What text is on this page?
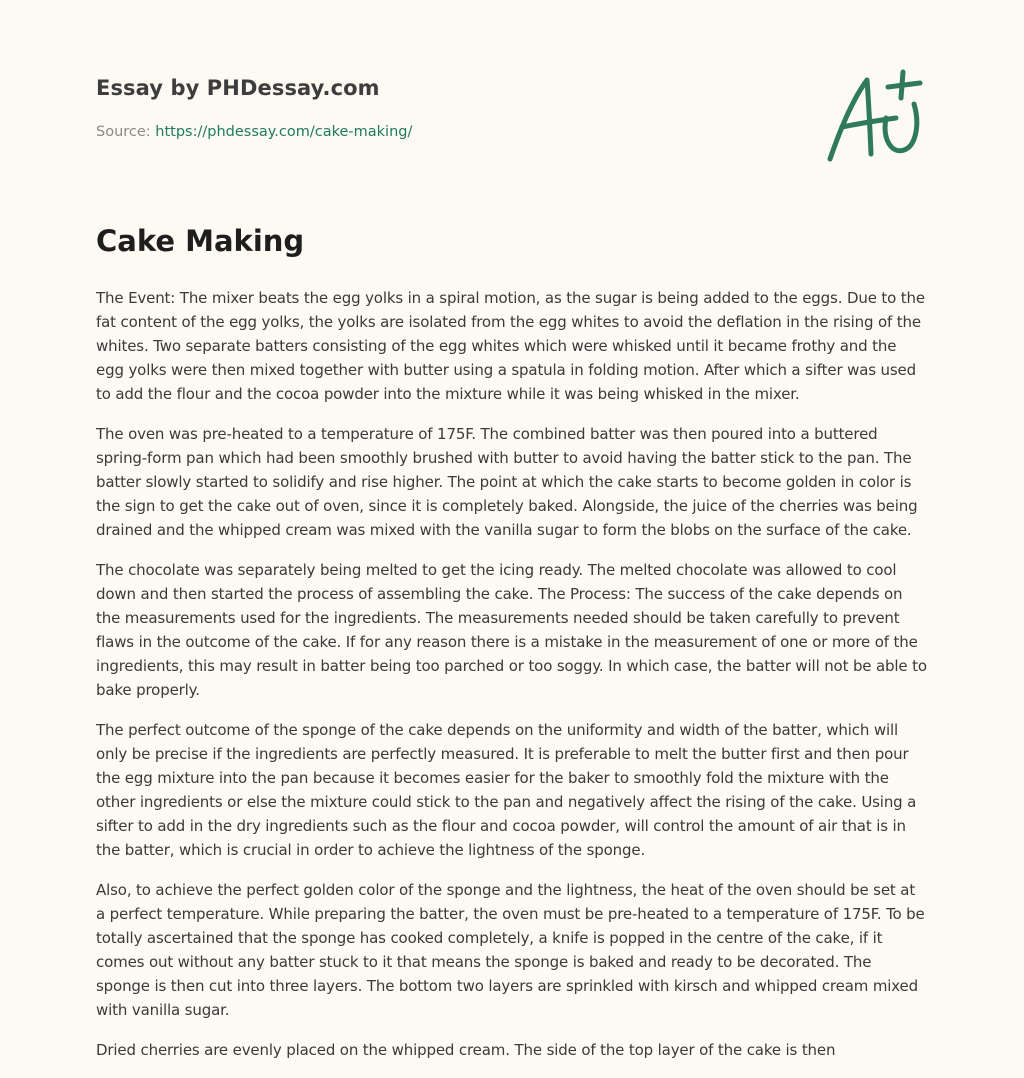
Essay by PHDessay.com
Source: https://phdessay.com/cake-making/
Cake Making

The Event: The mixer beats the egg yolks in a spiral motion, as the sugar is being added to the eggs. Due to the fat content of the egg yolks, the yolks are isolated from the egg whites to avoid the deflation in the rising of the whites. Two separate batters consisting of the egg whites which were whisked until it became frothy and the egg yolks were then mixed together with butter using a spatula in folding motion. After which a sifter was used to add the flour and the cocoa powder into the mixture while it was being whisked in the mixer.

The oven was pre-heated to a temperature of 175F. The combined batter was then poured into a buttered spring-form pan which had been smoothly brushed with butter to avoid having the batter stick to the pan. The batter slowly started to solidify and rise higher. The point at which the cake starts to become golden in color is the sign to get the cake out of oven, since it is completely baked. Alongside, the juice of the cherries was being drained and the whipped cream was mixed with the vanilla sugar to form the blobs on the surface of the cake.

The chocolate was separately being melted to get the icing ready. The melted chocolate was allowed to cool down and then started the process of assembling the cake. The Process: The success of the cake depends on the measurements used for the ingredients. The measurements needed should be taken carefully to prevent flaws in the outcome of the cake. If for any reason there is a mistake in the measurement of one or more of the ingredients, this may result in batter being too parched or too soggy. In which case, the batter will not be able to bake properly.

The perfect outcome of the sponge of the cake depends on the uniformity and width of the batter, which will only be precise if the ingredients are perfectly measured. It is preferable to melt the butter first and then pour the egg mixture into the pan because it becomes easier for the baker to smoothly fold the mixture with the other ingredients or else the mixture could stick to the pan and negatively affect the rising of the cake. Using a sifter to add in the dry ingredients such as the flour and cocoa powder, will control the amount of air that is in the batter, which is crucial in order to achieve the lightness of the sponge.

Also, to achieve the perfect golden color of the sponge and the lightness, the heat of the oven should be set at a perfect temperature. While preparing the batter, the oven must be pre-heated to a temperature of 175F. To be totally ascertained that the sponge has cooked completely, a knife is popped in the centre of the cake, if it comes out without any batter stuck to it that means the sponge is baked and ready to be decorated. The sponge is then cut into three layers. The bottom two layers are sprinkled with kirsch and whipped cream mixed with vanilla sugar.

Dried cherries are evenly placed on the whipped cream. The side of the top layer of the cake is then
